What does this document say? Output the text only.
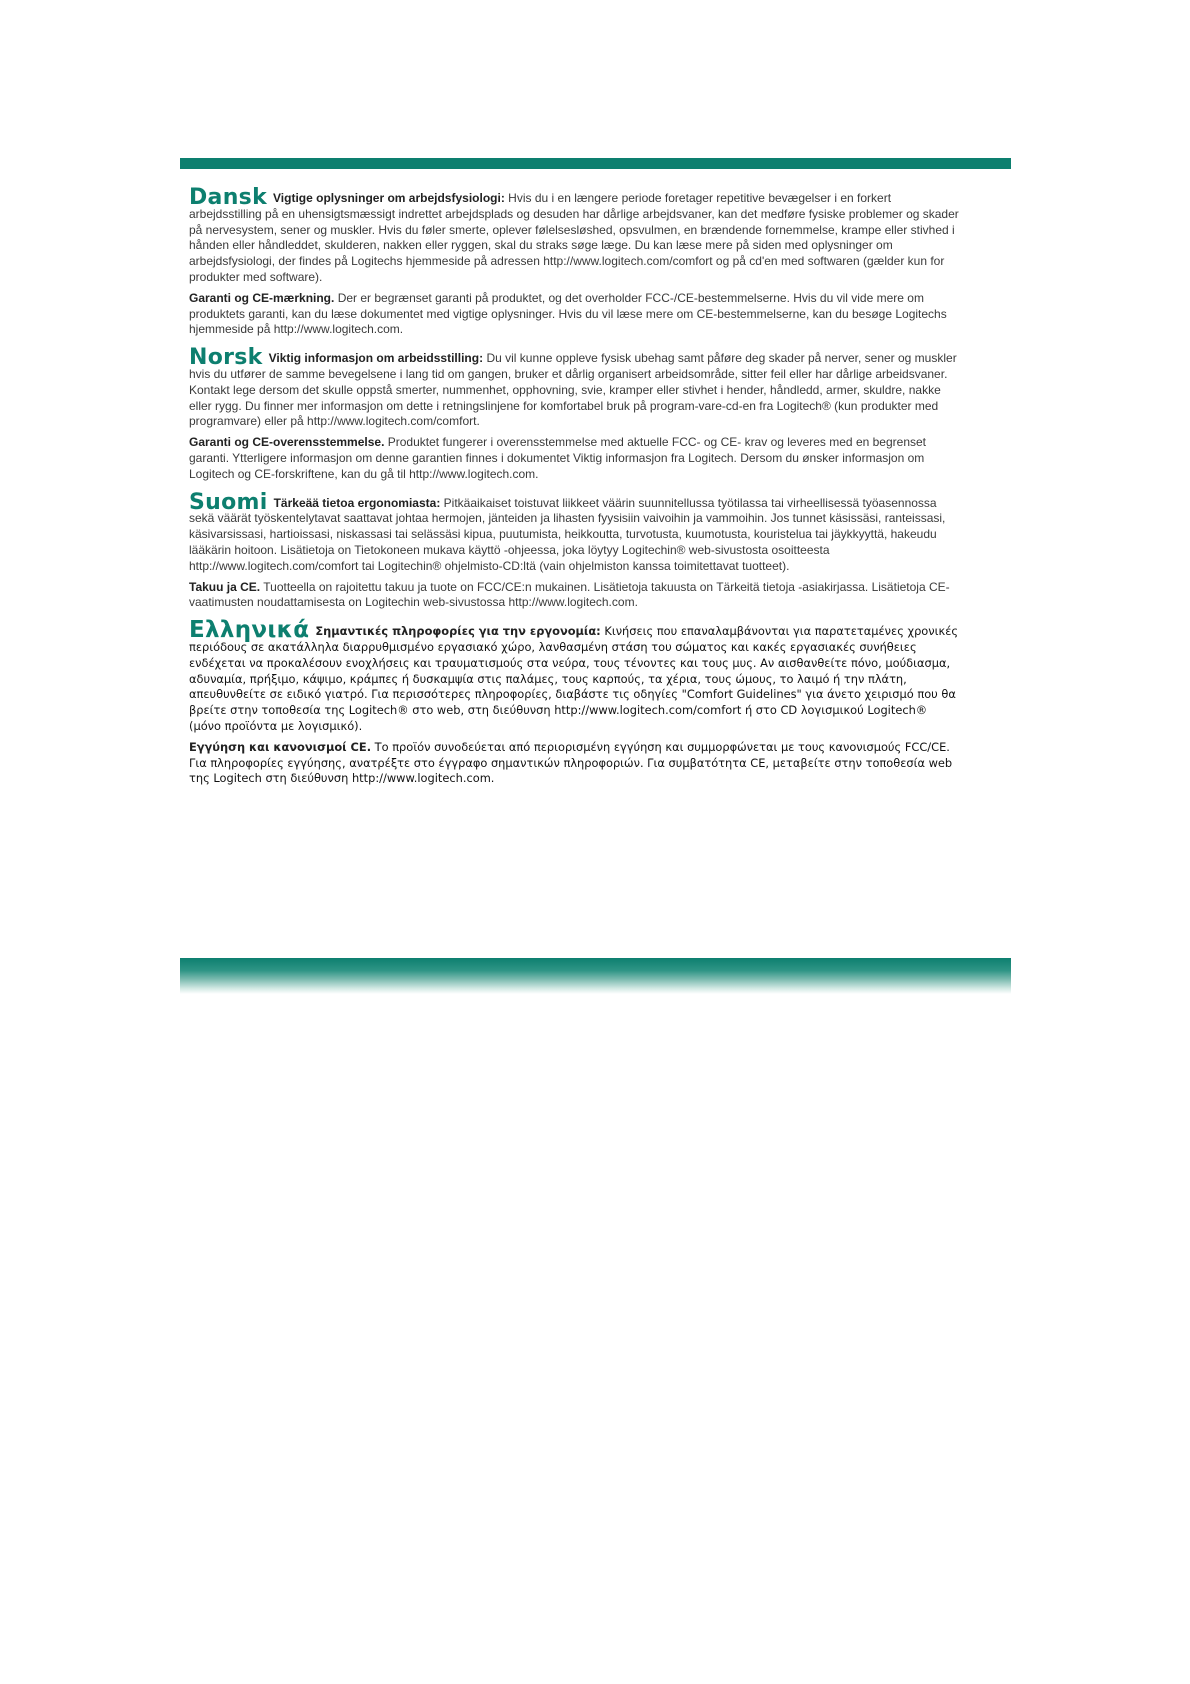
Dansk Vigtige oplysninger om arbejdsfysiologi: Hvis du i en længere periode foretager repetitive bevægelser i en forkert arbejdsstilling på en uhensigtsmæssigt indrettet arbejdsplads og desuden har dårlige arbejdsvaner, kan det medføre fysiske problemer og skader på nervesystem, sener og muskler. Hvis du føler smerte, oplever følelsesløshed, opsvulmen, en brændende fornemmelse, krampe eller stivhed i hånden eller håndleddet, skulderen, nakken eller ryggen, skal du straks søge læge. Du kan læse mere på siden med oplysninger om arbejdsfysiologi, der findes på Logitechs hjemmeside på adressen http://www.logitech.com/comfort og på cd'en med softwaren (gælder kun for produkter med software).

Garanti og CE-mærkning. Der er begrænset garanti på produktet, og det overholder FCC-/CE-bestemmelserne. Hvis du vil vide mere om produktets garanti, kan du læse dokumentet med vigtige oplysninger. Hvis du vil læse mere om CE-bestemmelserne, kan du besøge Logitechs hjemmeside på http://www.logitech.com.

Norsk Viktig informasjon om arbeidsstilling: Du vil kunne oppleve fysisk ubehag samt påføre deg skader på nerver, sener og muskler hvis du utfører de samme bevegelsene i lang tid om gangen, bruker et dårlig organisert arbeidsområde, sitter feil eller har dårlige arbeidsvaner. Kontakt lege dersom det skulle oppstå smerter, nummenhet, opphovning, svie, kramper eller stivhet i hender, håndledd, armer, skuldre, nakke eller rygg. Du finner mer informasjon om dette i retningslinjene for komfortabel bruk på program-vare-cd-en fra Logitech® (kun produkter med programvare) eller på http://www.logitech.com/comfort.

Garanti og CE-overensstemmelse. Produktet fungerer i overensstemmelse med aktuelle FCC- og CE- krav og leveres med en begrenset garanti. Ytterligere informasjon om denne garantien finnes i dokumentet Viktig informasjon fra Logitech. Dersom du ønsker informasjon om Logitech og CE-forskriftene, kan du gå til http://www.logitech.com.

Suomi Tärkeää tietoa ergonomiasta: Pitkäaikaiset toistuvat liikkeet väärin suunnitellussa työtilassa tai virheellisessä työasennossa sekä väärät työskentelytavat saattavat johtaa hermojen, jänteiden ja lihasten fyysisiin vaivoihin ja vammoihin. Jos tunnet käsissäsi, ranteissasi, käsivarsissasi, hartioissasi, niskassasi tai selässäsi kipua, puutumista, heikkoutta, turvotusta, kuumotusta, kouristelua tai jäykkyyttä, hakeudu lääkärin hoitoon. Lisätietoja on Tietokoneen mukava käyttö -ohjeessa, joka löytyy Logitechin® web-sivustosta osoitteesta http://www.logitech.com/comfort tai Logitechin® ohjelmisto-CD:ltä (vain ohjelmiston kanssa toimitettavat tuotteet).

Takuu ja CE. Tuotteella on rajoitettu takuu ja tuote on FCC/CE:n mukainen. Lisätietoja takuusta on Tärkeitä tietoja -asiakirjassa. Lisätietoja CE-vaatimusten noudattamisesta on Logitechin web-sivustossa http://www.logitech.com.

Ελληνικά Σημαντικές πληροφορίες για την εργονομία: Κινήσεις που επαναλαμβάνονται για παρατεταμένες χρονικές περιόδους σε ακατάλληλα διαρρυθμισμένο εργασιακό χώρο, λανθασμένη στάση του σώματος και κακές εργασιακές συνήθειες ενδέχεται να προκαλέσουν ενοχλήσεις και τραυματισμούς στα νεύρα, τους τένοντες και τους μυς. Αν αισθανθείτε πόνο, μούδιασμα, αδυναμία, πρήξιμο, κάψιμο, κράμπες ή δυσκαμψία στις παλάμες, τους καρπούς, τα χέρια, τους ώμους, το λαιμό ή την πλάτη, απευθυνθείτε σε ειδικό γιατρό. Για περισσότερες πληροφορίες, διαβάστε τις οδηγίες "Comfort Guidelines" για άνετο χειρισμό που θα βρείτε στην τοποθεσία της Logitech® στο web, στη διεύθυνση http://www.logitech.com/comfort ή στο CD λογισμικού Logitech® (μόνο προϊόντα με λογισμικό).

Εγγύηση και κανονισμοί CE. Το προϊόν συνοδεύεται από περιορισμένη εγγύηση και συμμορφώνεται με τους κανονισμούς FCC/CE. Για πληροφορίες εγγύησης, ανατρέξτε στο έγγραφο σημαντικών πληροφοριών. Για συμβατότητα CE, μεταβείτε στην τοποθεσία web της Logitech στη διεύθυνση http://www.logitech.com.
